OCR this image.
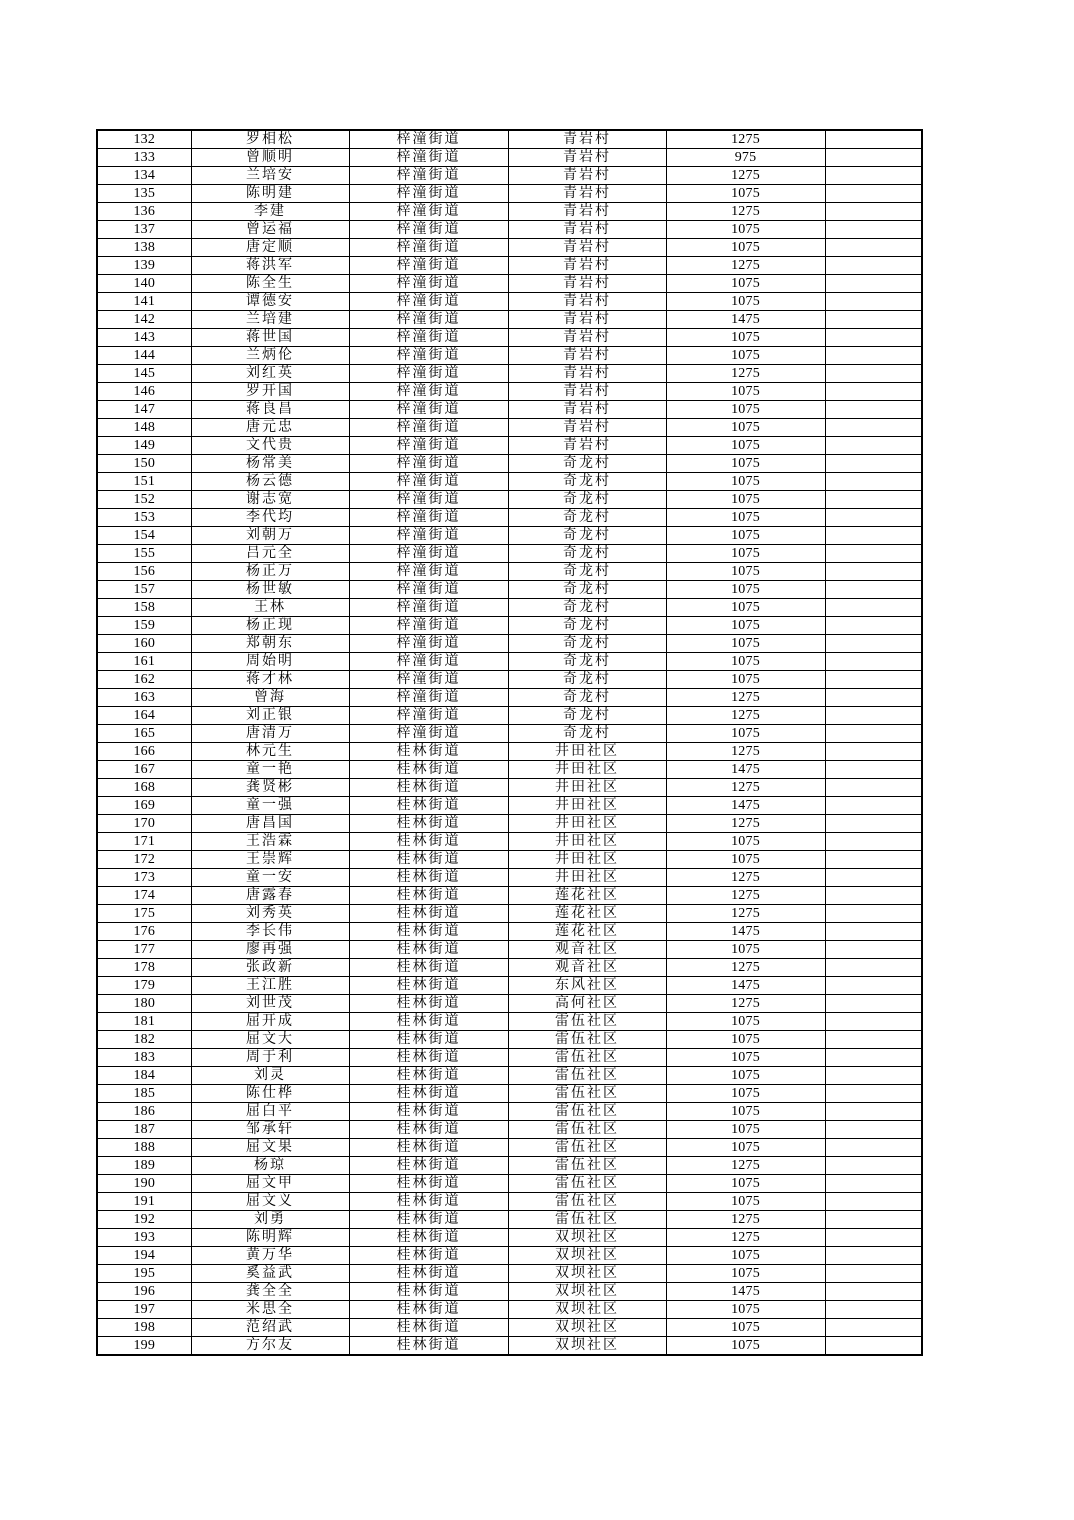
132	罗相松	梓潼街道	青岩村	1275	
133	曾顺明	梓潼街道	青岩村	975	
134	兰培安	梓潼街道	青岩村	1275	
135	陈明建	梓潼街道	青岩村	1075	
136	李建	梓潼街道	青岩村	1275	
137	曾运福	梓潼街道	青岩村	1075	
138	唐定顺	梓潼街道	青岩村	1075	
139	蒋洪军	梓潼街道	青岩村	1275	
140	陈全生	梓潼街道	青岩村	1075	
141	谭德安	梓潼街道	青岩村	1075	
142	兰培建	梓潼街道	青岩村	1475	
143	蒋世国	梓潼街道	青岩村	1075	
144	兰炳伦	梓潼街道	青岩村	1075	
145	刘红英	梓潼街道	青岩村	1275	
146	罗开国	梓潼街道	青岩村	1075	
147	蒋良昌	梓潼街道	青岩村	1075	
148	唐元忠	梓潼街道	青岩村	1075	
149	文代贵	梓潼街道	青岩村	1075	
150	杨常美	梓潼街道	奇龙村	1075	
151	杨云德	梓潼街道	奇龙村	1075	
152	谢志宽	梓潼街道	奇龙村	1075	
153	李代均	梓潼街道	奇龙村	1075	
154	刘朝万	梓潼街道	奇龙村	1075	
155	吕元全	梓潼街道	奇龙村	1075	
156	杨正万	梓潼街道	奇龙村	1075	
157	杨世敏	梓潼街道	奇龙村	1075	
158	王林	梓潼街道	奇龙村	1075	
159	杨正现	梓潼街道	奇龙村	1075	
160	郑朝东	梓潼街道	奇龙村	1075	
161	周始明	梓潼街道	奇龙村	1075	
162	蒋才林	梓潼街道	奇龙村	1075	
163	曾海	梓潼街道	奇龙村	1275	
164	刘正银	梓潼街道	奇龙村	1275	
165	唐清万	梓潼街道	奇龙村	1075	
166	林元生	桂林街道	井田社区	1275	
167	童一艳	桂林街道	井田社区	1475	
168	龚贤彬	桂林街道	井田社区	1275	
169	童一强	桂林街道	井田社区	1475	
170	唐昌国	桂林街道	井田社区	1275	
171	王浩霖	桂林街道	井田社区	1075	
172	王崇辉	桂林街道	井田社区	1075	
173	童一安	桂林街道	井田社区	1275	
174	唐露春	桂林街道	莲花社区	1275	
175	刘秀英	桂林街道	莲花社区	1275	
176	李长伟	桂林街道	莲花社区	1475	
177	廖再强	桂林街道	观音社区	1075	
178	张政新	桂林街道	观音社区	1275	
179	王江胜	桂林街道	东风社区	1475	
180	刘世茂	桂林街道	高何社区	1275	
181	屈开成	桂林街道	雷伍社区	1075	
182	屈文大	桂林街道	雷伍社区	1075	
183	周于利	桂林街道	雷伍社区	1075	
184	刘灵	桂林街道	雷伍社区	1075	
185	陈仕桦	桂林街道	雷伍社区	1075	
186	屈白平	桂林街道	雷伍社区	1075	
187	邹承轩	桂林街道	雷伍社区	1075	
188	屈文果	桂林街道	雷伍社区	1075	
189	杨琼	桂林街道	雷伍社区	1275	
190	屈文甲	桂林街道	雷伍社区	1075	
191	屈文义	桂林街道	雷伍社区	1075	
192	刘勇	桂林街道	雷伍社区	1275	
193	陈明辉	桂林街道	双坝社区	1275	
194	黄万华	桂林街道	双坝社区	1075	
195	奚益武	桂林街道	双坝社区	1075	
196	龚全全	桂林街道	双坝社区	1475	
197	米思全	桂林街道	双坝社区	1075	
198	范绍武	桂林街道	双坝社区	1075	
199	方尔友	桂林街道	双坝社区	1075	
